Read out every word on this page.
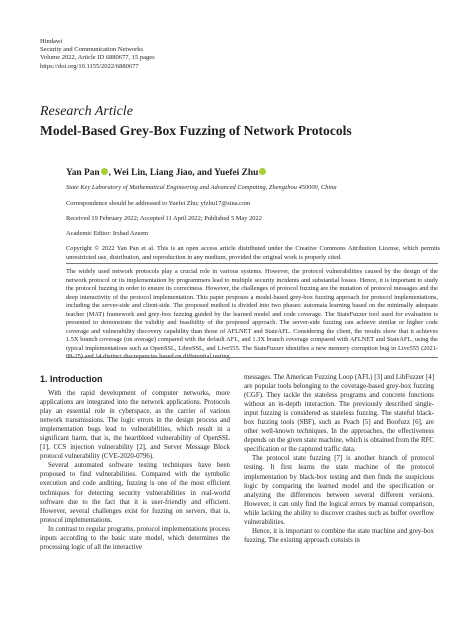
Hindawi
Security and Communication Networks
Volume 2022, Article ID 6880677, 15 pages
https://doi.org/10.1155/2022/6880677
Research Article
Model-Based Grey-Box Fuzzing of Network Protocols
Yan Pan , Wei Lin, Liang Jiao, and Yuefei Zhu
State Key Laboratory of Mathematical Engineering and Advanced Computing, Zhengzhou 450000, China
Correspondence should be addressed to Yuefei Zhu; yfzhu17@sina.com
Received 19 February 2022; Accepted 11 April 2022; Published 5 May 2022
Academic Editor: Irshad Azeem
Copyright © 2022 Yan Pan et al. This is an open access article distributed under the Creative Commons Attribution License, which permits unrestricted use, distribution, and reproduction in any medium, provided the original work is properly cited.
The widely used network protocols play a crucial role in various systems. However, the protocol vulnerabilities caused by the design of the network protocol or its implementation by programmers lead to multiple security incidents and substantial losses. Hence, it is important to study the protocol fuzzing in order to ensure its correctness. However, the challenges of protocol fuzzing are the mutation of protocol messages and the deep interactivity of the protocol implementation. This paper proposes a model-based grey-box fuzzing approach for protocol implementations, including the server-side and client-side. The proposed method is divided into two phases: automata learning based on the minimally adequate teacher (MAT) framework and grey-box fuzzing guided by the learned model and code coverage. The StateFuzzer tool used for evaluation is presented to demonstrate the validity and feasibility of the proposed approach. The server-side fuzzing can achieve similar or higher code coverage and vulnerability discovery capability than those of AFLNET and StateAFL. Considering the client, the results show that it achieves 1.5X branch coverage (on average) compared with the default AFL, and 1.3X branch coverage compared with AFLNET and StateAFL, using the typical implementations such as OpenSSL, LibreSSL, and Live555. The StateFuzzer identifies a new memory corruption bug in Live555 (2021-08-25) and 14 distinct discrepancies based on differential testing.
1. Introduction

With the rapid development of computer networks, more applications are integrated into the network applications. Protocols play an essential role in cyberspace, as the carrier of various network transmissions. The logic errors in the design process and implementation bugs lead to vulnerabilities, which result in a significant harm, that is, the heartbleed vulnerability of OpenSSL [1], CCS injection vulnerability [2], and Server Message Block protocol vulnerability (CVE-2020-0796).

Several automated software testing techniques have been proposed to find vulnerabilities. Compared with the symbolic execution and code auditing, fuzzing is one of the most efficient techniques for detecting security vulnerabilities in real-world software due to the fact that it is user-friendly and efficient. However, several challenges exist for fuzzing on servers, that is, protocol implementations.

In contrast to regular programs, protocol implementations process inputs according to the basic state model, which determines the processing logic of all the interactive

messages. The American Fuzzing Loop (AFL) [3] and LibFuzzer [4] are popular tools belonging to the coverage-based grey-box fuzzing (CGF). They tackle the stateless programs and concrete functions without an in-depth interaction. The previously described single-input fuzzing is considered as stateless fuzzing. The stateful black-box fuzzing tools (SBF), such as Peach [5] and Boofuzz [6], are other well-known techniques. In the approaches, the effectiveness depends on the given state machine, which is obtained from the RFC specification or the captured traffic data.

The protocol state fuzzing [7] is another branch of protocol testing. It first learns the state machine of the protocol implementation by black-box testing and then finds the suspicious logic by comparing the learned model and the specification or analyzing the differences between several different versions. However, it can only find the logical errors by manual comparison, while lacking the ability to discover crashes such as buffer overflow vulnerabilities.

Hence, it is important to combine the state machine and grey-box fuzzing. The existing approach consists in
